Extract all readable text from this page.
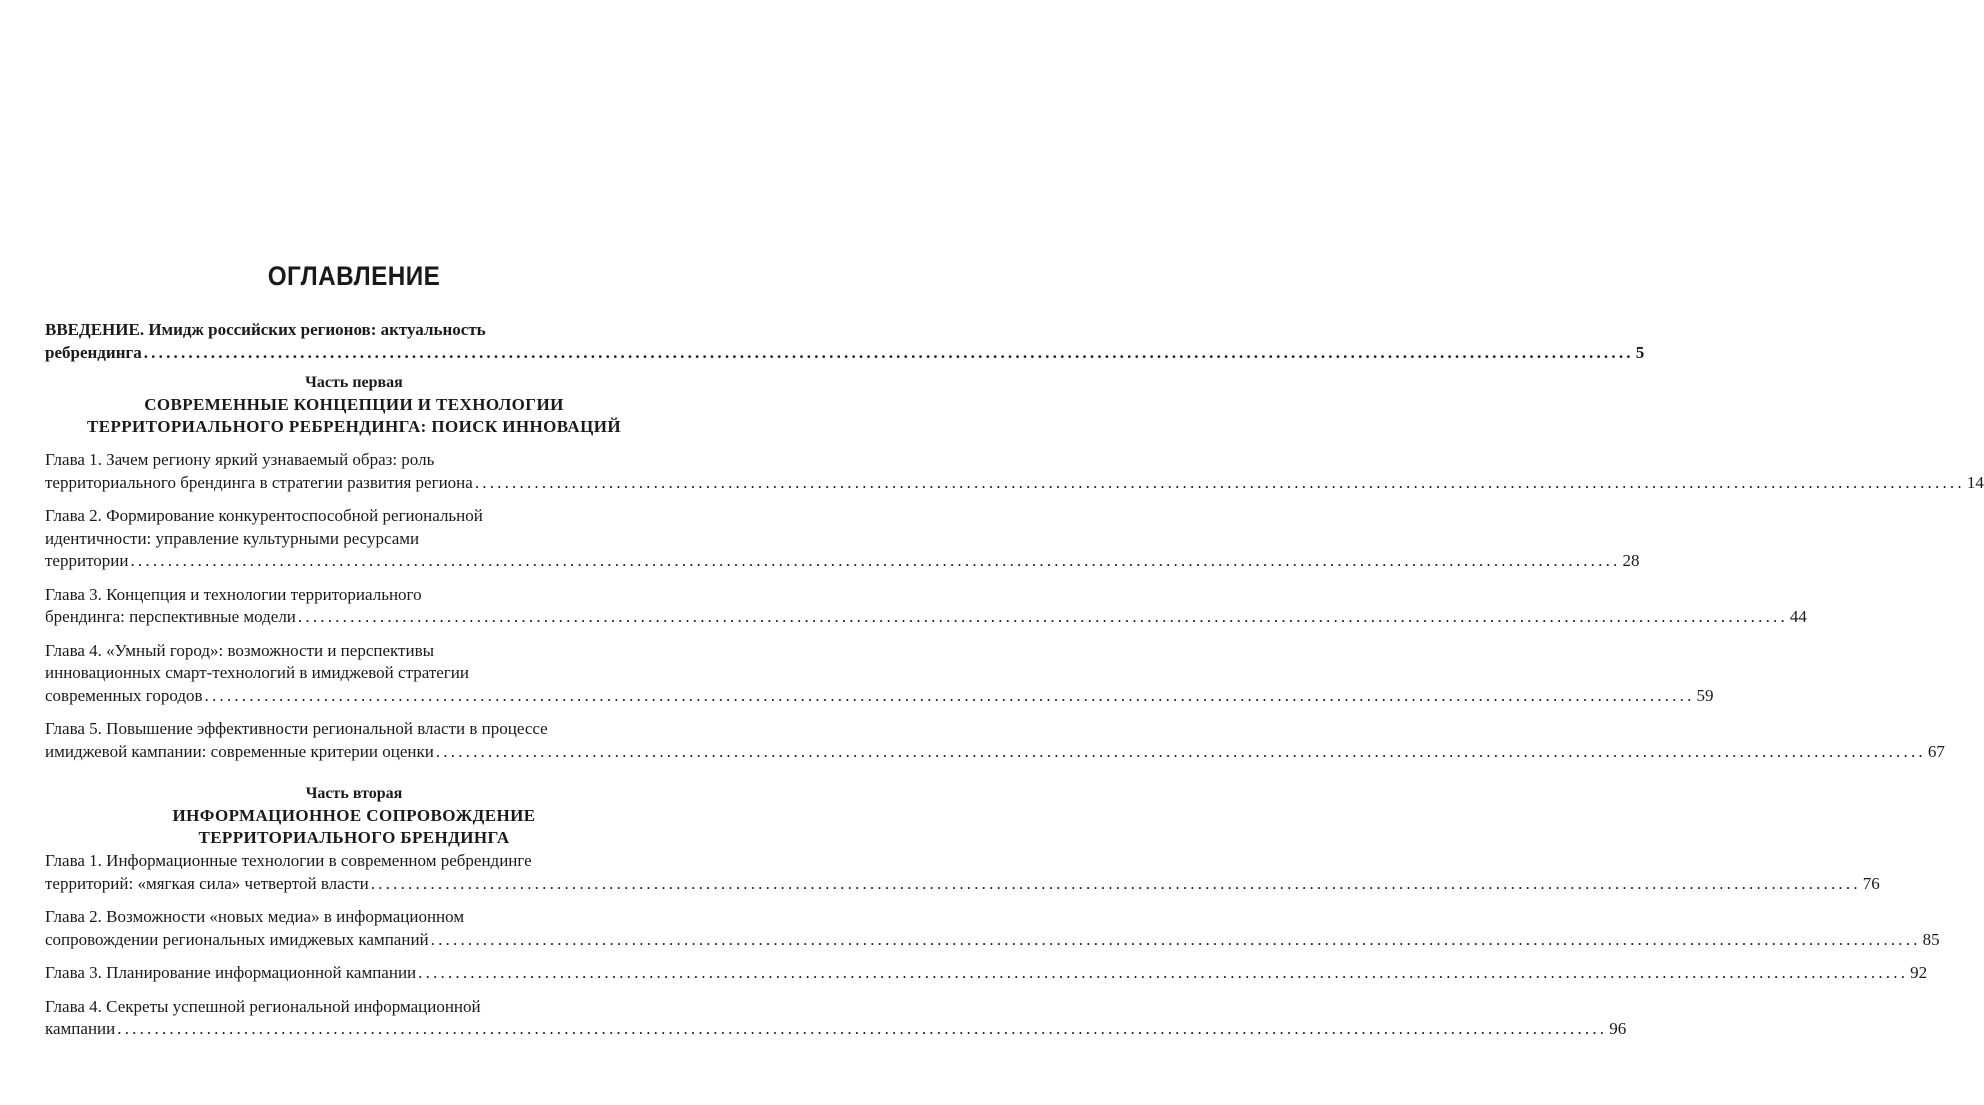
ОГЛАВЛЕНИЕ
ВВЕДЕНИЕ. Имидж российских регионов: актуальность
ребрендинга ........................................................................................................................................................................................................ 5
Часть первая
СОВРЕМЕННЫЕ КОНЦЕПЦИИ И ТЕХНОЛОГИИ
ТЕРРИТОРИАЛЬНОГО РЕБРЕНДИНГА: ПОИСК ИННОВАЦИЙ
Глава 1. Зачем региону яркий узнаваемый образ: роль
территориального брендинга в стратегии развития региона ........................................................................................................................................................................................................ 14
Глава 2. Формирование конкурентоспособной региональной
идентичности: управление культурными ресурсами
территории ........................................................................................................................................................................................................ 28
Глава 3. Концепция и технологии территориального
брендинга: перспективные модели ........................................................................................................................................................................................................ 44
Глава 4. «Умный город»: возможности и перспективы
инновационных смарт-технологий в имиджевой стратегии
современных городов ........................................................................................................................................................................................................ 59
Глава 5. Повышение эффективности региональной власти в процессе
имиджевой кампании: современные критерии оценки ........................................................................................................................................................................................................ 67
Часть вторая
ИНФОРМАЦИОННОЕ СОПРОВОЖДЕНИЕ
ТЕРРИТОРИАЛЬНОГО БРЕНДИНГА
Глава 1. Информационные технологии в современном ребрендинге
территорий: «мягкая сила» четвертой власти ........................................................................................................................................................................................................ 76
Глава 2. Возможности «новых медиа» в информационном
сопровождении региональных имиджевых кампаний ........................................................................................................................................................................................................ 85
Глава 3. Планирование информационной кампании ........................................................................................................................................................................................................ 92
Глава 4. Секреты успешной региональной информационной
кампании ........................................................................................................................................................................................................ 96
